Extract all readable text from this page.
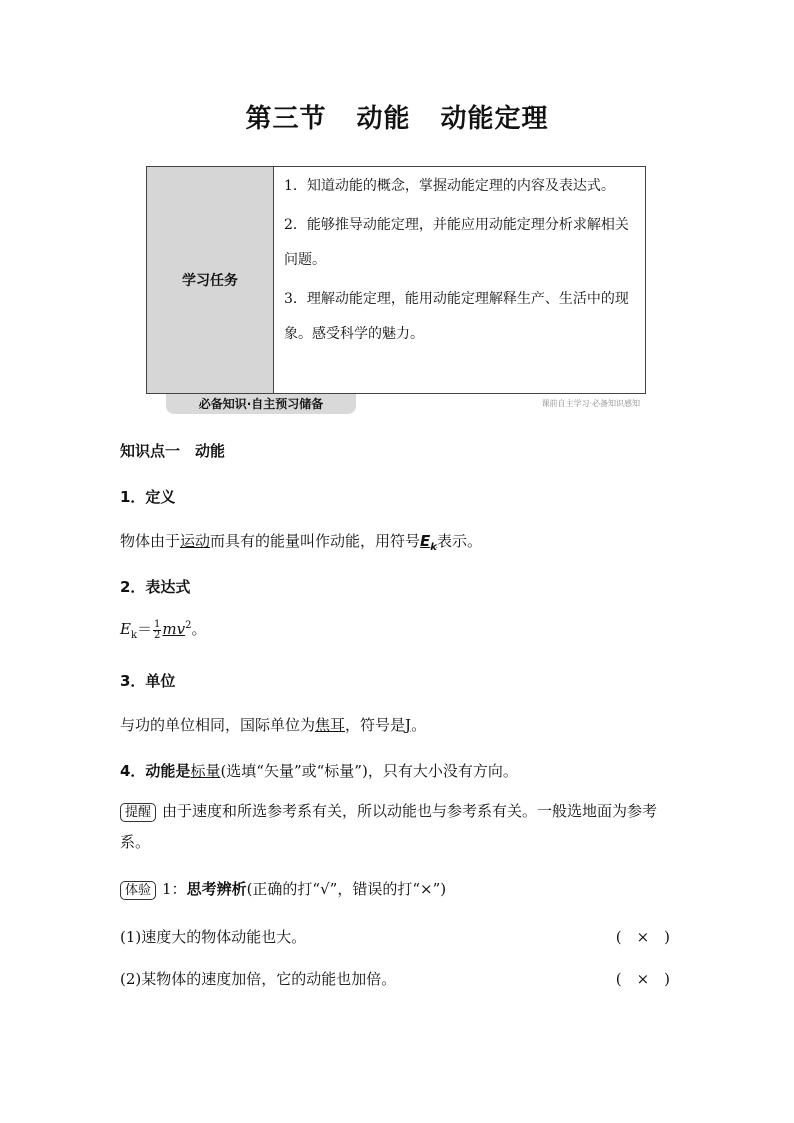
第三节 动能 动能定理
学习任务

1．知道动能的概念，掌握动能定理的内容及表达式。

2．能够推导动能定理，并能应用动能定理分析求解相关问题。

3．理解动能定理，能用动能定理解释生产、生活中的现象。感受科学的魅力。

必备知识·自主预习储备	课前自主学习·必备知识感知
知识点一　动能
1．定义
物体由于运动而具有的能量叫作动能，用符号$E_k$表示。
2．表达式
$E_k= \frac{1}{2}mv^2$。
3．单位
与功的单位相同，国际单位为焦耳，符号是J。
4．动能是标量(选填“矢量”或“标量”)，只有大小没有方向。
提醒 由于速度和所选参考系有关，所以动能也与参考系有关。一般选地面为参考系。
体验 1：思考辨析(正确的打“√”，错误的打“×”)
(1)速度大的物体动能也大。	(　×　)
(2)某物体的速度加倍，它的动能也加倍。	(　×　)
